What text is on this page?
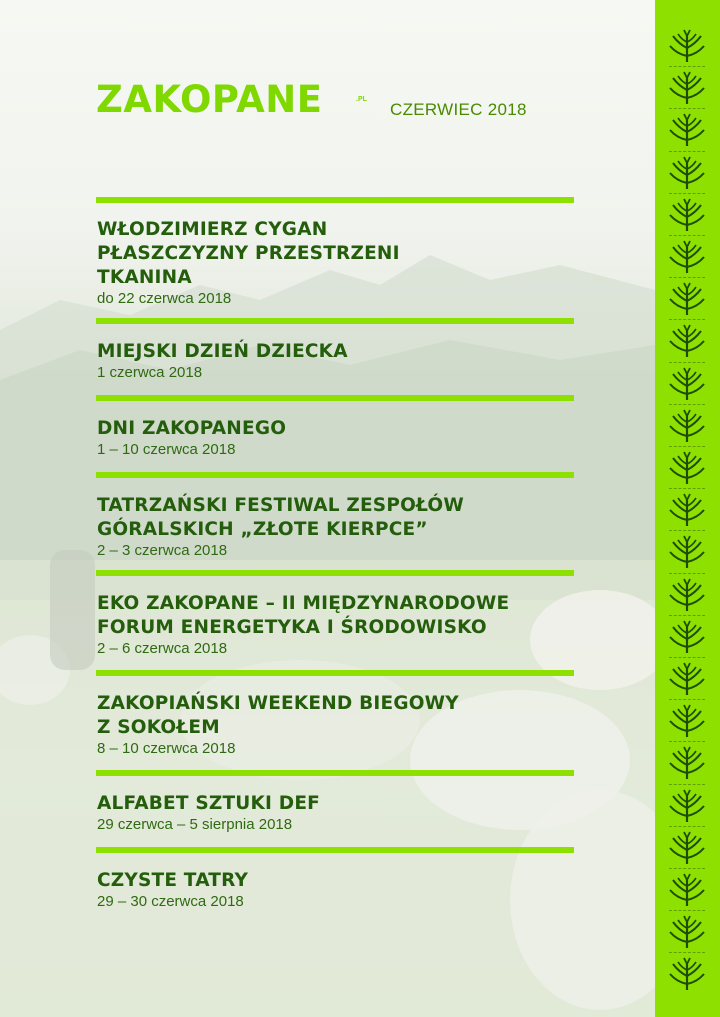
ZAKOPANE	.PL
CZERWIEC 2018
WŁODZIMIERZ CYGAN
PŁASZCZYZNY PRZESTRZENI
TKANINA
do 22 czerwca 2018
MIEJSKI DZIEŃ DZIECKA
1 czerwca 2018
DNI ZAKOPANEGO
1 – 10 czerwca 2018
TATRZAŃSKI FESTIWAL ZESPOŁÓW
GÓRALSKICH „ZŁOTE KIERPCE”
2 – 3 czerwca 2018
EKO ZAKOPANE – II MIĘDZYNARODOWE
FORUM ENERGETYKA I ŚRODOWISKO
2 – 6 czerwca 2018
ZAKOPIAŃSKI WEEKEND BIEGOWY
Z SOKOŁEM
8 – 10 czerwca 2018
ALFABET SZTUKI DEF
29 czerwca – 5 sierpnia 2018
CZYSTE TATRY
29 – 30 czerwca 2018
